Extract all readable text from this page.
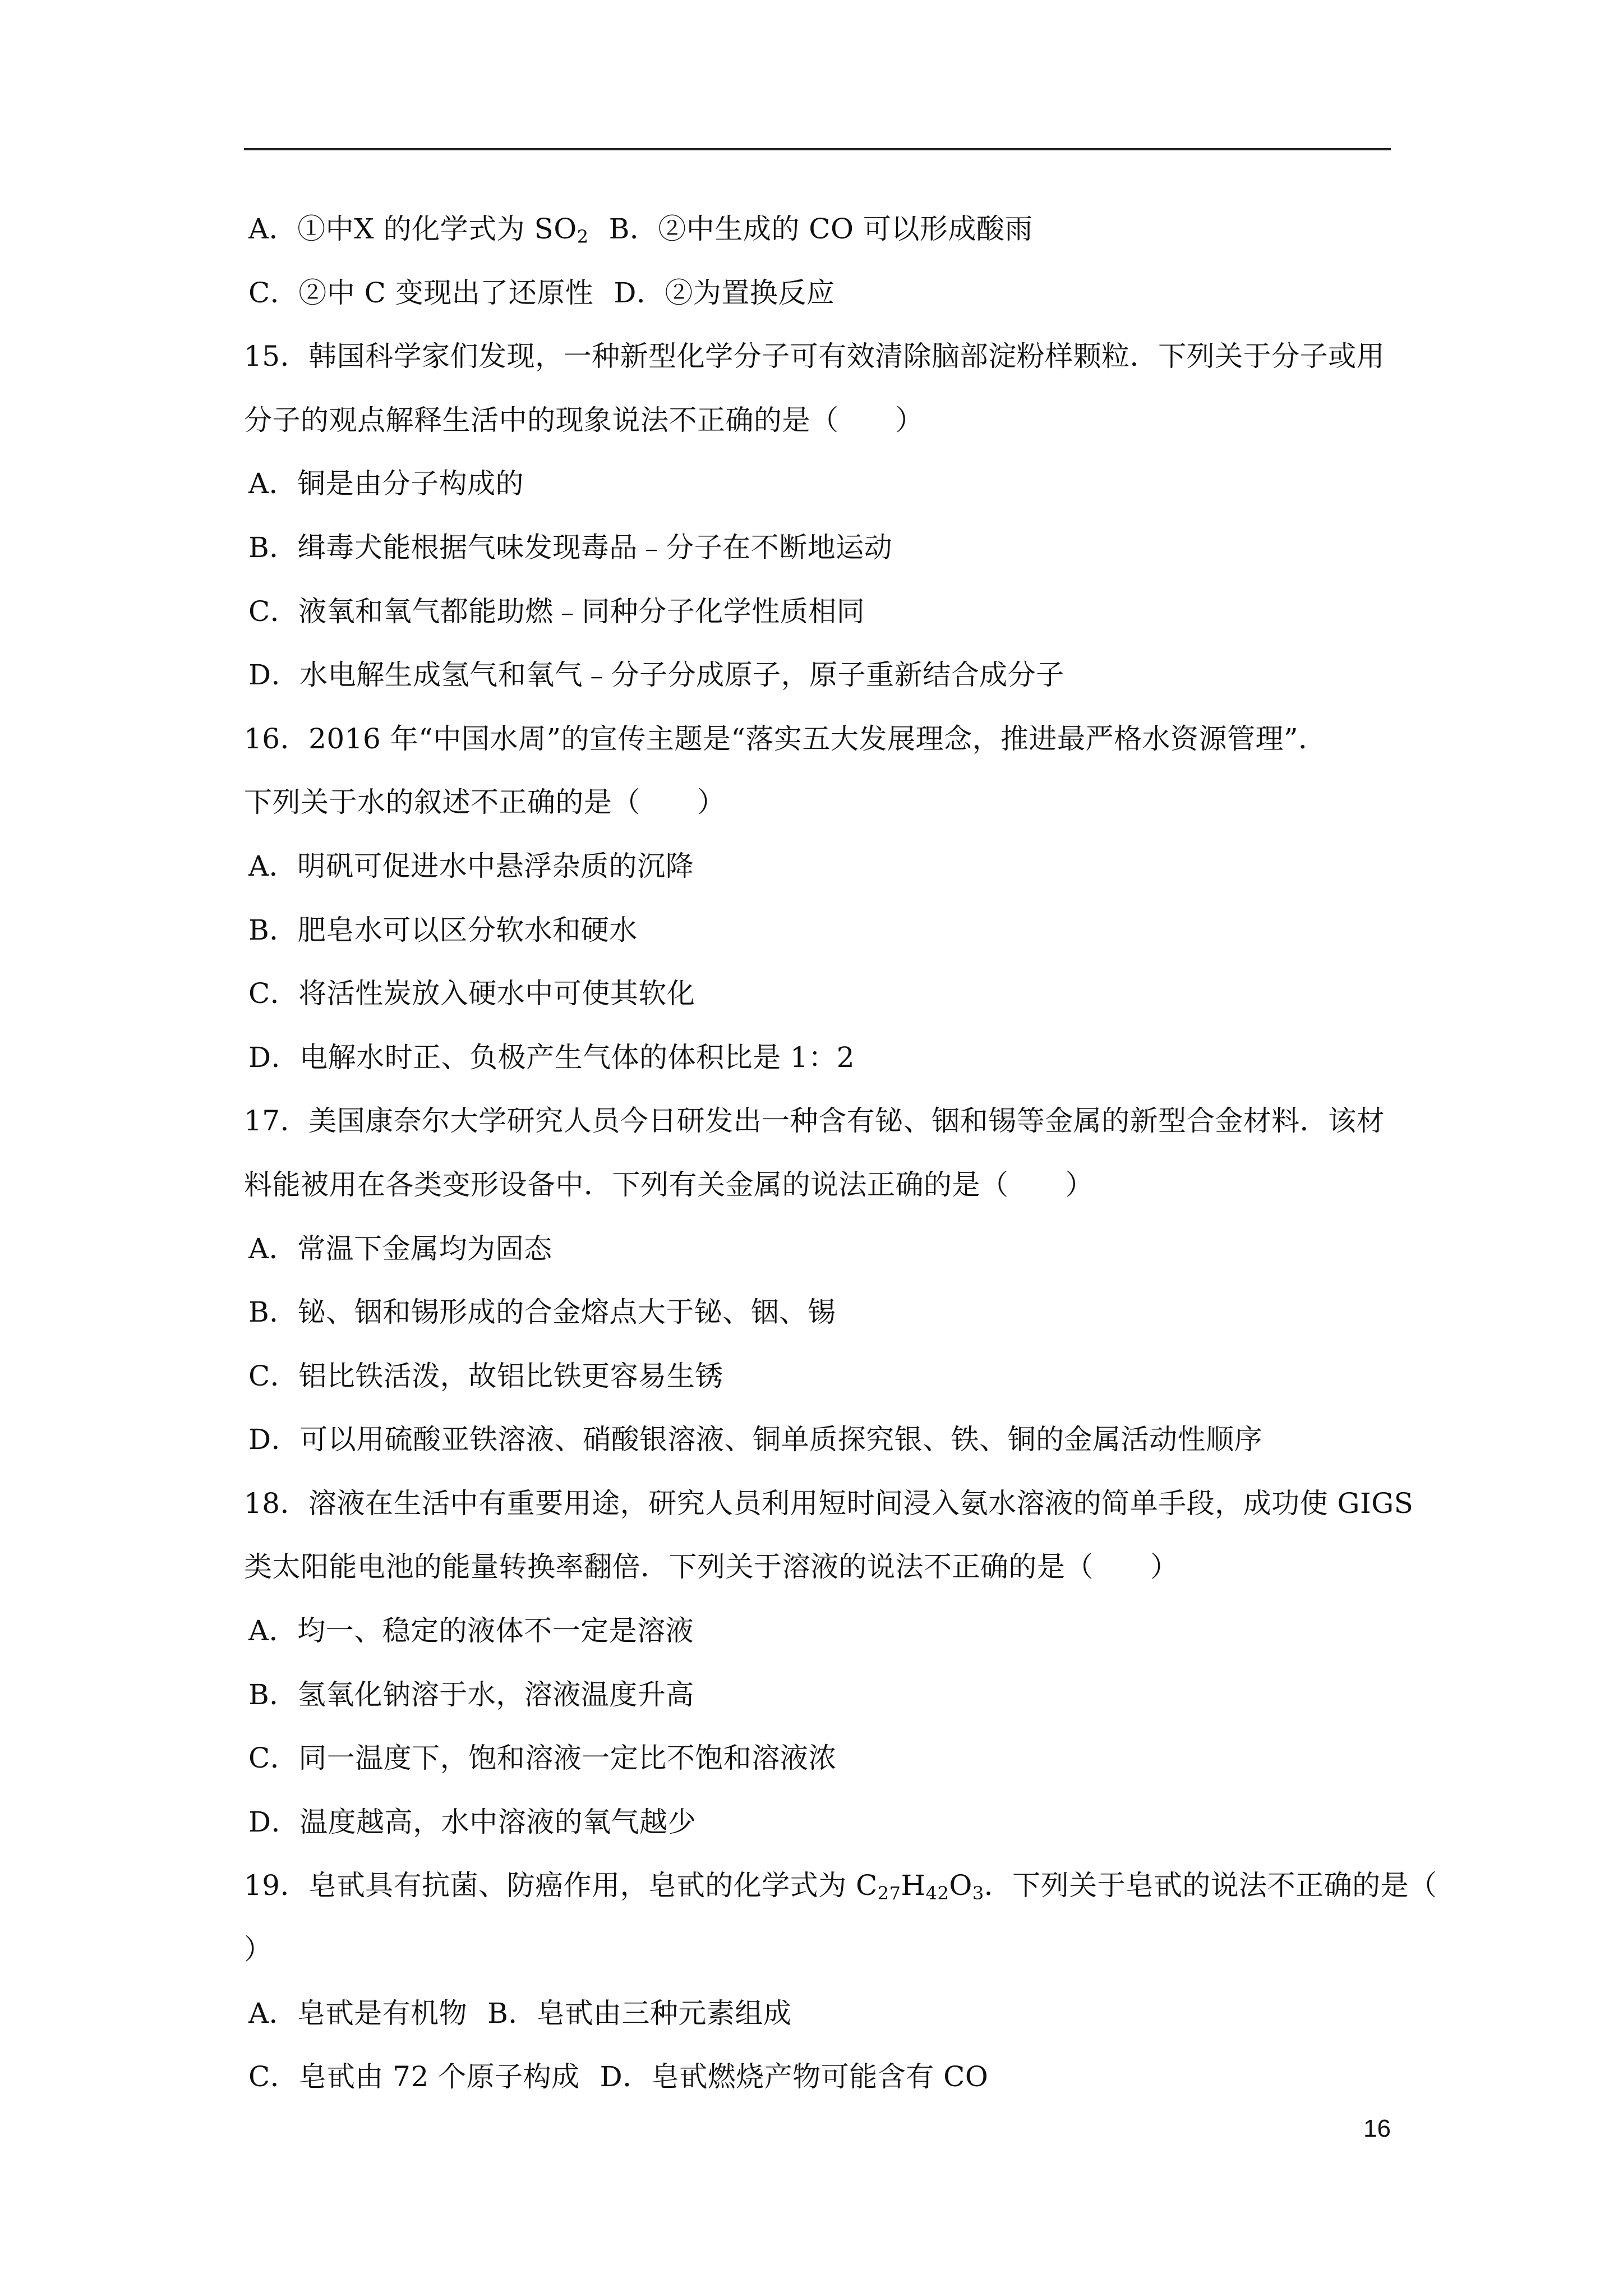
A．①中X 的化学式为 $SO_2$ B．②中生成的 CO 可以形成酸雨
C．②中 C 变现出了还原性 D．②为置换反应
15．韩国科学家们发现，一种新型化学分子可有效清除脑部淀粉样颗粒．下列关于分子或用
分子的观点解释生活中的现象说法不正确的是（　　）
A．铜是由分子构成的
B．缉毒犬能根据气味发现毒品﹣分子在不断地运动
C．液氧和氧气都能助燃﹣同种分子化学性质相同
D．水电解生成氢气和氧气﹣分子分成原子，原子重新结合成分子
16．2016 年“中国水周”的宣传主题是“落实五大发展理念，推进最严格水资源管理”．
下列关于水的叙述不正确的是（　　）
A．明矾可促进水中悬浮杂质的沉降
B．肥皂水可以区分软水和硬水
C．将活性炭放入硬水中可使其软化
D．电解水时正、负极产生气体的体积比是 1：2
17．美国康奈尔大学研究人员今日研发出一种含有铋、铟和锡等金属的新型合金材料．该材
料能被用在各类变形设备中．下列有关金属的说法正确的是（　　）
A．常温下金属均为固态
B．铋、铟和锡形成的合金熔点大于铋、铟、锡
C．铝比铁活泼，故铝比铁更容易生锈
D．可以用硫酸亚铁溶液、硝酸银溶液、铜单质探究银、铁、铜的金属活动性顺序
18．溶液在生活中有重要用途，研究人员利用短时间浸入氨水溶液的简单手段，成功使 GIGS
类太阳能电池的能量转换率翻倍．下列关于溶液的说法不正确的是（　　）
A．均一、稳定的液体不一定是溶液
B．氢氧化钠溶于水，溶液温度升高
C．同一温度下，饱和溶液一定比不饱和溶液浓
D．温度越高，水中溶液的氧气越少
19．皂甙具有抗菌、防癌作用，皂甙的化学式为 $C_{27}H_{42}O_3$．下列关于皂甙的说法不正确的是（
）
A．皂甙是有机物 B．皂甙由三种元素组成
C．皂甙由 72 个原子构成 D．皂甙燃烧产物可能含有 CO
16
